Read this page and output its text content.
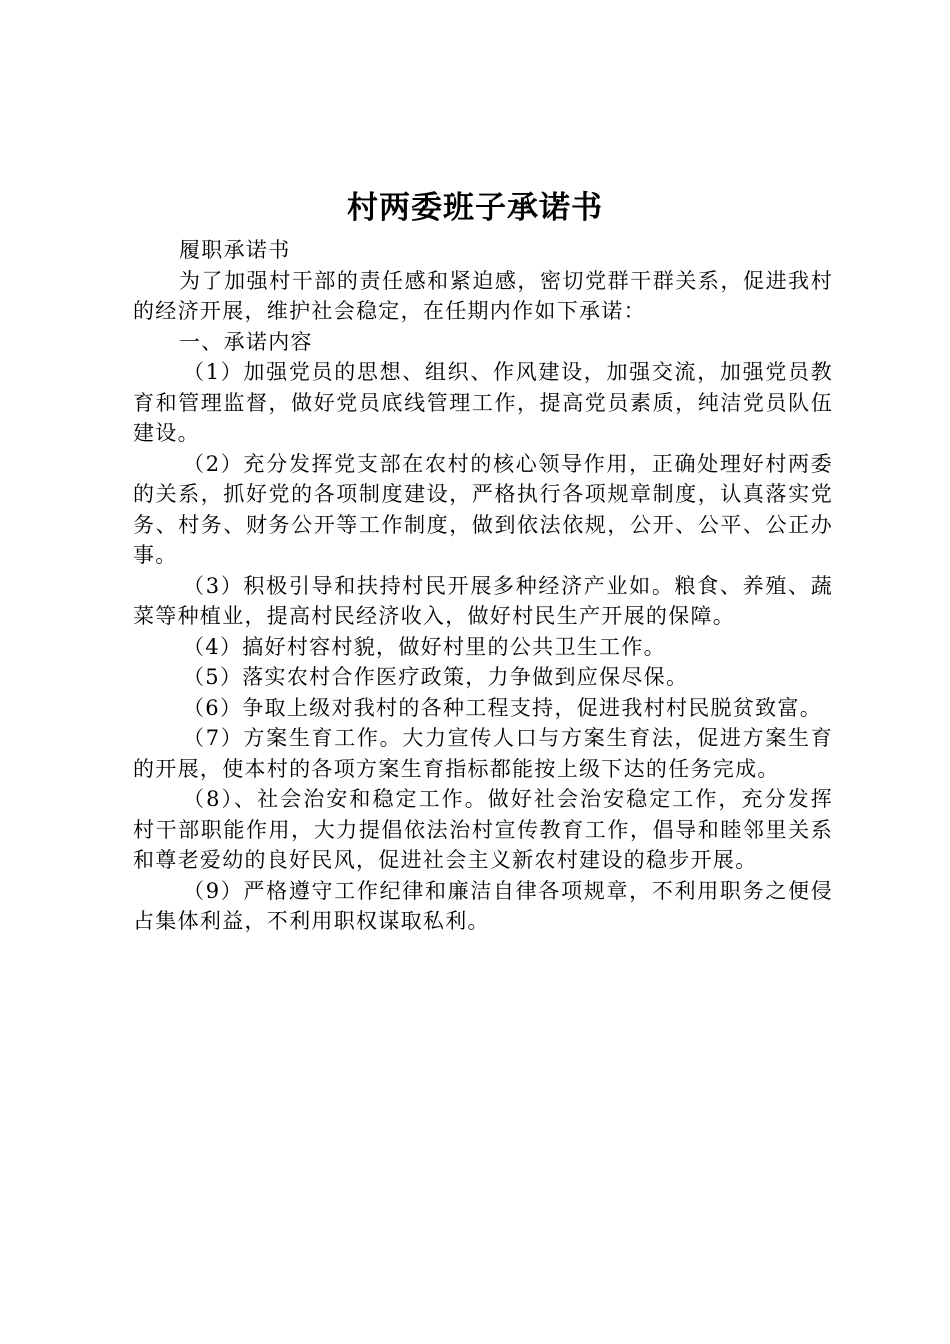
村两委班子承诺书

履职承诺书

为了加强村干部的责任感和紧迫感，密切党群干群关系，促进我村的经济开展，维护社会稳定，在任期内作如下承诺：

一、承诺内容

（1）加强党员的思想、组织、作风建设，加强交流，加强党员教育和管理监督，做好党员底线管理工作，提高党员素质，纯洁党员队伍建设。

（2）充分发挥党支部在农村的核心领导作用，正确处理好村两委的关系，抓好党的各项制度建设，严格执行各项规章制度，认真落实党务、村务、财务公开等工作制度，做到依法依规，公开、公平、公正办事。

（3）积极引导和扶持村民开展多种经济产业如。粮食、养殖、蔬菜等种植业，提高村民经济收入，做好村民生产开展的保障。

（4）搞好村容村貌，做好村里的公共卫生工作。

（5）落实农村合作医疗政策，力争做到应保尽保。

（6）争取上级对我村的各种工程支持，促进我村村民脱贫致富。

（7）方案生育工作。大力宣传人口与方案生育法，促进方案生育的开展，使本村的各项方案生育指标都能按上级下达的任务完成。

（8）、社会治安和稳定工作。做好社会治安稳定工作，充分发挥村干部职能作用，大力提倡依法治村宣传教育工作，倡导和睦邻里关系和尊老爱幼的良好民风，促进社会主义新农村建设的稳步开展。

（9）严格遵守工作纪律和廉洁自律各项规章，不利用职务之便侵占集体利益，不利用职权谋取私利。
